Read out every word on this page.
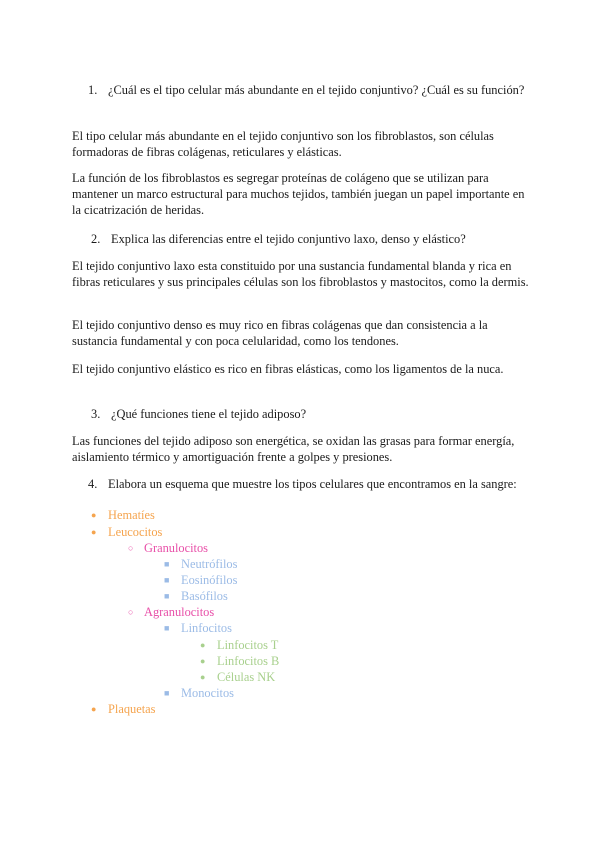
1. ¿Cuál es el tipo celular más abundante en el tejido conjuntivo? ¿Cuál es su función?

El tipo celular más abundante en el tejido conjuntivo son los fibroblastos, son células formadoras de fibras colágenas, reticulares y elásticas.

La función de los fibroblastos es segregar proteínas de colágeno que se utilizan para mantener un marco estructural para muchos tejidos, también juegan un papel importante en la cicatrización de heridas.

2. Explica las diferencias entre el tejido conjuntivo laxo, denso y elástico?

El tejido conjuntivo laxo esta constituido por una sustancia fundamental blanda y rica en fibras reticulares y sus principales células son los fibroblastos y mastocitos, como la dermis.

El tejido conjuntivo denso es muy rico en fibras colágenas que dan consistencia a la sustancia fundamental y con poca celularidad, como los tendones.

El tejido conjuntivo elástico es rico en fibras elásticas, como los ligamentos de la nuca.

3. ¿Qué funciones tiene el tejido adiposo?

Las funciones del tejido adiposo son energética, se oxidan las grasas para formar energía, aislamiento térmico y amortiguación frente a golpes y presiones.

4. Elabora un esquema que muestre los tipos celulares que encontramos en la sangre:
● Hematíes
● Leucocitos
○ Granulocitos
■ Neutrófilos
■ Eosinófilos
■ Basófilos
○ Agranulocitos
■ Linfocitos
● Linfocitos T
● Linfocitos B
● Células NK
■ Monocitos
● Plaquetas
